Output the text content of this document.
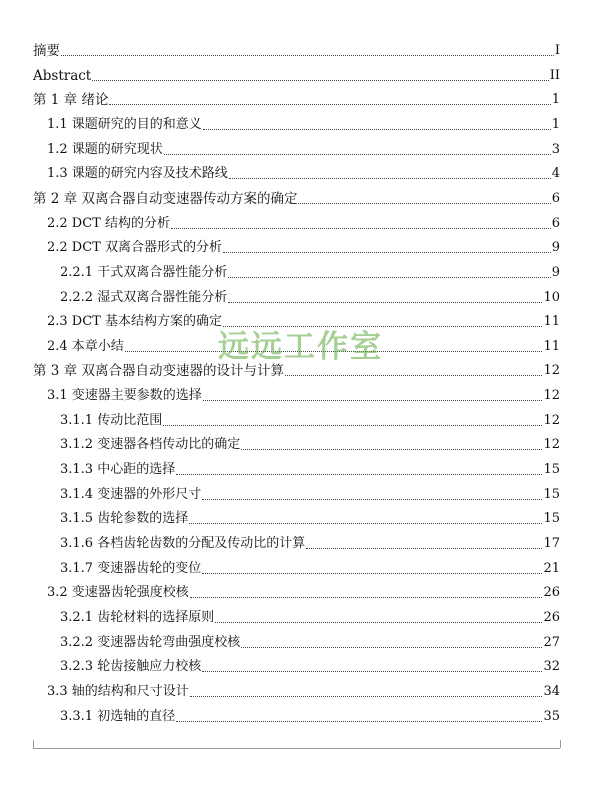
摘要	I
Abstract	II
第 1 章 绪论	1
1.1 课题研究的目的和意义	1
1.2 课题的研究现状	3
1.3 课题的研究内容及技术路线	4
第 2 章 双离合器自动变速器传动方案的确定	6
2.2 DCT 结构的分析	6
2.2 DCT 双离合器形式的分析	9
2.2.1 干式双离合器性能分析	9
2.2.2 湿式双离合器性能分析	10
2.3 DCT 基本结构方案的确定	11
2.4 本章小结	11
第 3 章 双离合器自动变速器的设计与计算	12
3.1 变速器主要参数的选择	12
3.1.1 传动比范围	12
3.1.2 变速器各档传动比的确定	12
3.1.3 中心距的选择	15
3.1.4 变速器的外形尺寸	15
3.1.5 齿轮参数的选择	15
3.1.6 各档齿轮齿数的分配及传动比的计算	17
3.1.7 变速器齿轮的变位	21
3.2 变速器齿轮强度校核	26
3.2.1 齿轮材料的选择原则	26
3.2.2 变速器齿轮弯曲强度校核	27
3.2.3 轮齿接触应力校核	32
3.3 轴的结构和尺寸设计	34
3.3.1 初选轴的直径	35
远远工作室
